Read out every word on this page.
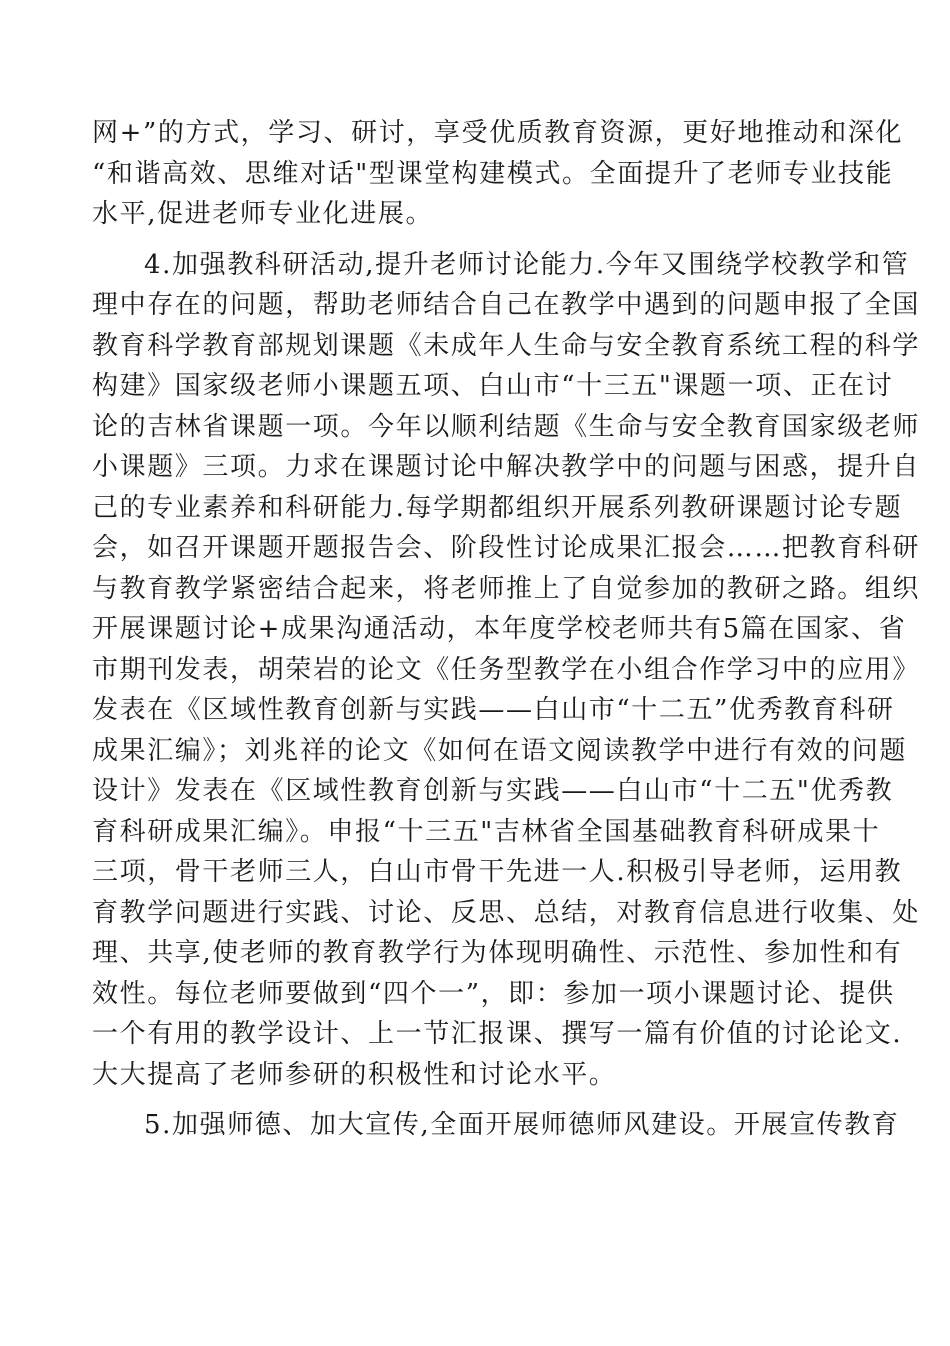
网+”的方式，学习、研讨，享受优质教育资源，更好地推动和深化
“和谐高效、思维对话"型课堂构建模式。全面提升了老师专业技能
水平,促进老师专业化进展。
4.加强教科研活动,提升老师讨论能力.今年又围绕学校教学和管
理中存在的问题，帮助老师结合自己在教学中遇到的问题申报了全国
教育科学教育部规划课题《未成年人生命与安全教育系统工程的科学
构建》国家级老师小课题五项、白山市“十三五"课题一项、正在讨
论的吉林省课题一项。今年以顺利结题《生命与安全教育国家级老师
小课题》三项。力求在课题讨论中解决教学中的问题与困惑，提升自
己的专业素养和科研能力.每学期都组织开展系列教研课题讨论专题
会，如召开课题开题报告会、阶段性讨论成果汇报会……把教育科研
与教育教学紧密结合起来，将老师推上了自觉参加的教研之路。组织
开展课题讨论+成果沟通活动，本年度学校老师共有5篇在国家、省
市期刊发表，胡荣岩的论文《任务型教学在小组合作学习中的应用》
发表在《区域性教育创新与实践——白山市“十二五”优秀教育科研
成果汇编》；刘兆祥的论文《如何在语文阅读教学中进行有效的问题
设计》发表在《区域性教育创新与实践——白山市“十二五"优秀教
育科研成果汇编》。申报“十三五"吉林省全国基础教育科研成果十
三项，骨干老师三人，白山市骨干先进一人.积极引导老师，运用教
育教学问题进行实践、讨论、反思、总结，对教育信息进行收集、处
理、共享,使老师的教育教学行为体现明确性、示范性、参加性和有
效性。每位老师要做到“四个一”，即：参加一项小课题讨论、提供
一个有用的教学设计、上一节汇报课、撰写一篇有价值的讨论论文.
大大提高了老师参研的积极性和讨论水平。
5.加强师德、加大宣传,全面开展师德师风建设。开展宣传教育
